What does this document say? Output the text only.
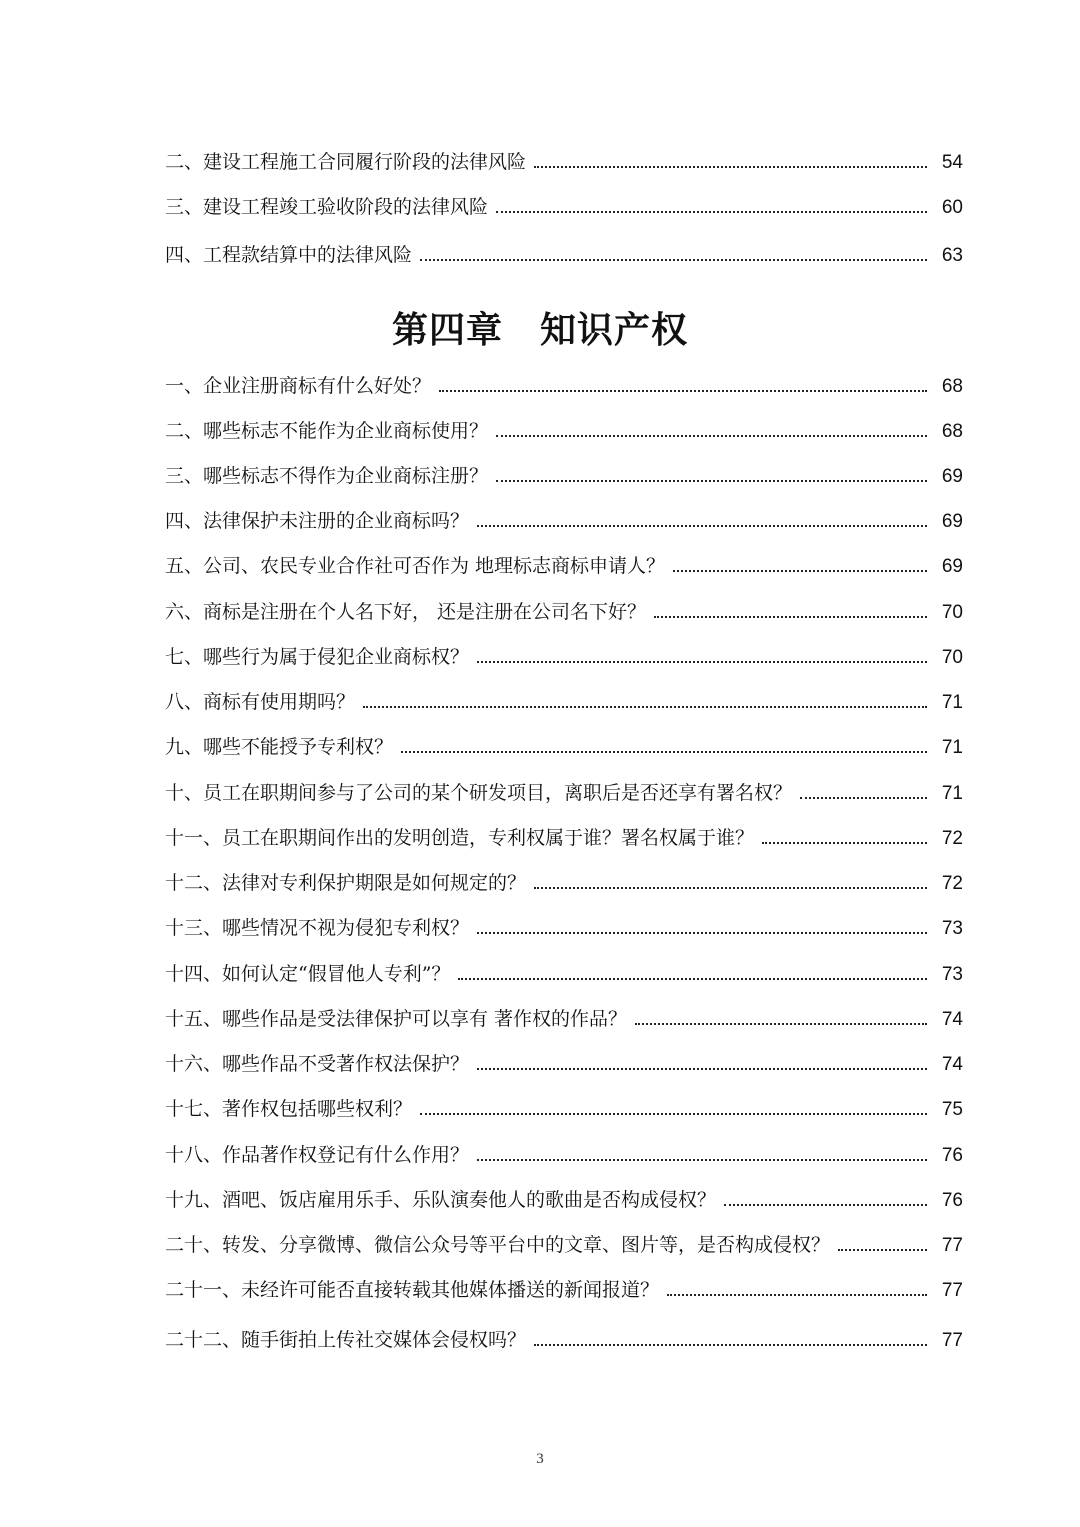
二、建设工程施工合同履行阶段的法律风险	54
三、建设工程竣工验收阶段的法律风险	60
四、工程款结算中的法律风险	63
第四章　知识产权
一、企业注册商标有什么好处？	68
二、哪些标志不能作为企业商标使用？	68
三、哪些标志不得作为企业商标注册？	69
四、法律保护未注册的企业商标吗？	69
五、公司、农民专业合作社可否作为 地理标志商标申请人？	69
六、商标是注册在个人名下好， 还是注册在公司名下好？	70
七、哪些行为属于侵犯企业商标权？	70
八、商标有使用期吗？	71
九、哪些不能授予专利权？	71
十、员工在职期间参与了公司的某个研发项目，离职后是否还享有署名权？	71
十一、员工在职期间作出的发明创造，专利权属于谁？署名权属于谁？	72
十二、法律对专利保护期限是如何规定的？	72
十三、哪些情况不视为侵犯专利权？	73
十四、如何认定“假冒他人专利”？	73
十五、哪些作品是受法律保护可以享有 著作权的作品？	74
十六、哪些作品不受著作权法保护？	74
十七、著作权包括哪些权利？	75
十八、作品著作权登记有什么作用？	76
十九、酒吧、饭店雇用乐手、乐队演奏他人的歌曲是否构成侵权？	76
二十、转发、分享微博、微信公众号等平台中的文章、图片等，是否构成侵权？	77
二十一、未经许可能否直接转载其他媒体播送的新闻报道？	77
二十二、随手街拍上传社交媒体会侵权吗？	77
3
